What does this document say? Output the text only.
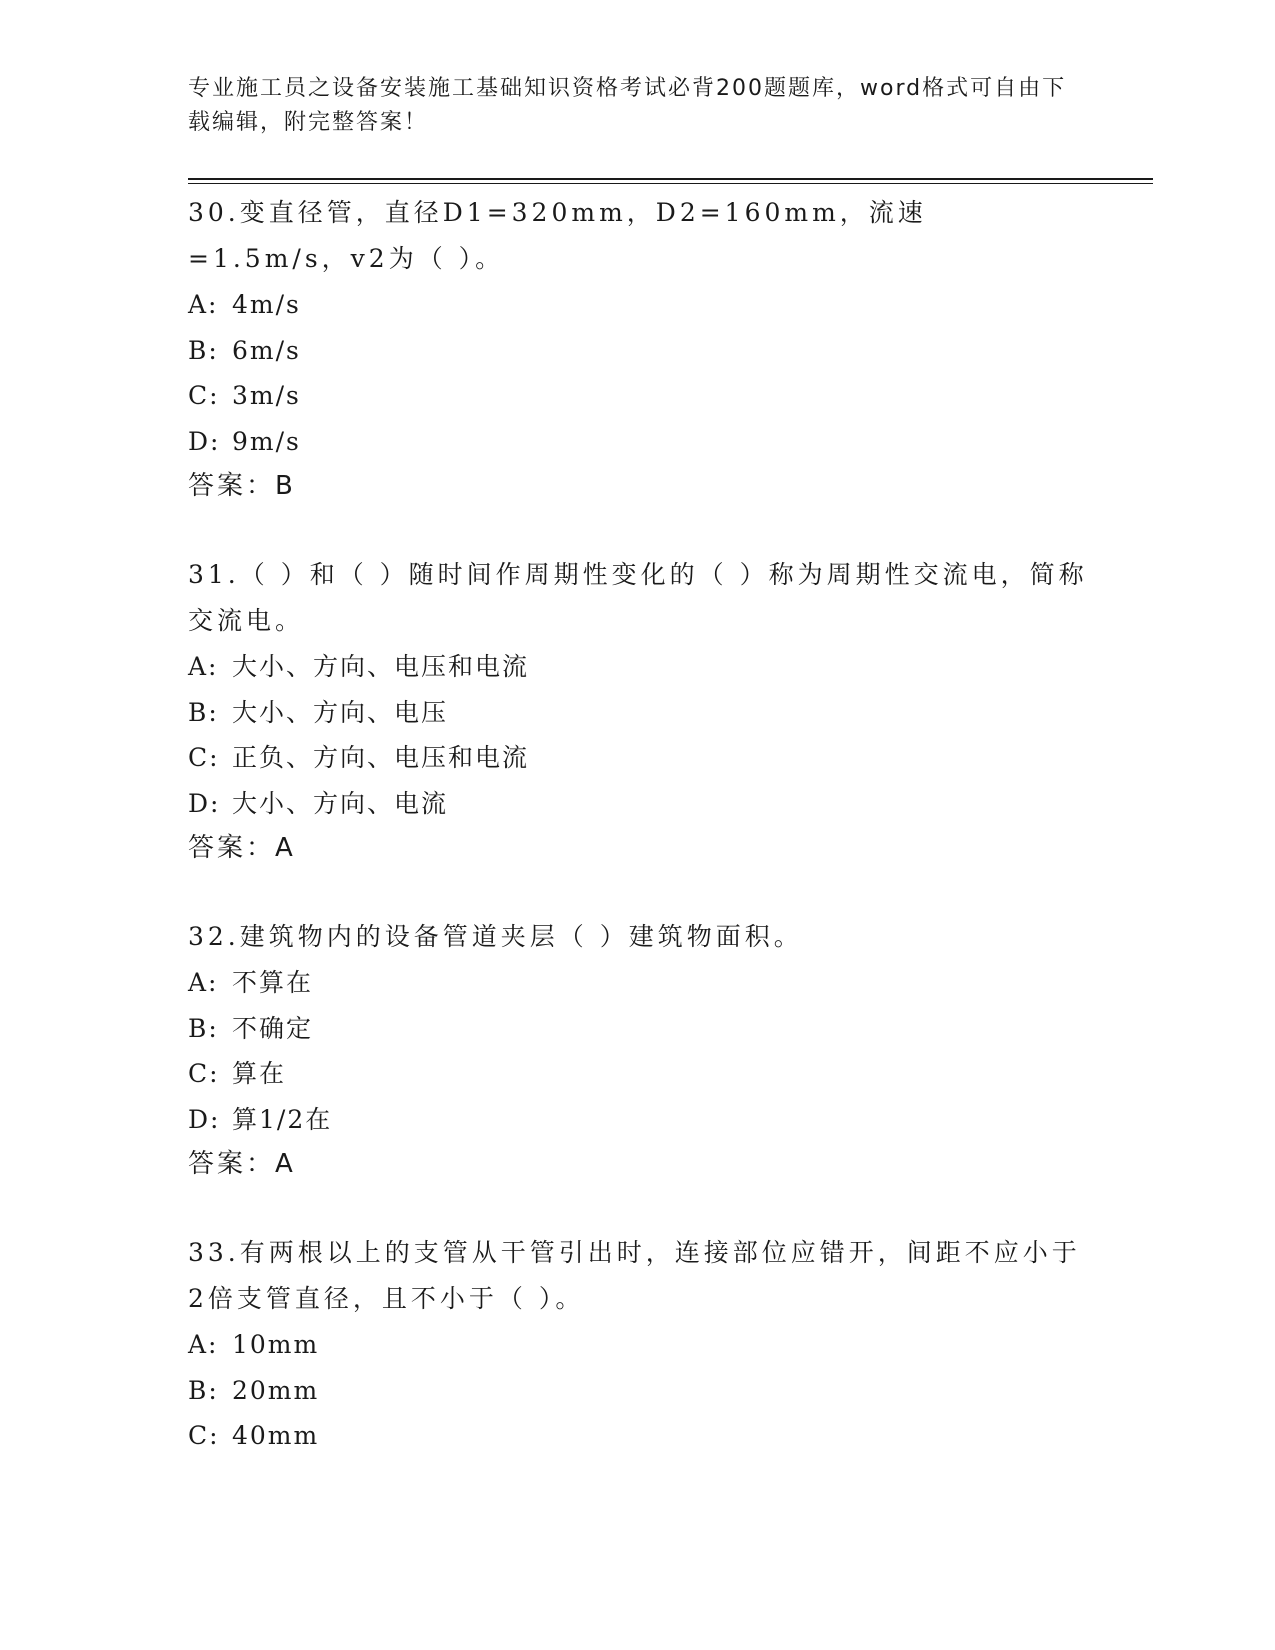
专业施工员之设备安装施工基础知识资格考试必背200题题库，word格式可自由下载编辑，附完整答案！

30.变直径管，直径D1=320mm，D2=160mm，流速=1.5m/s，v2为（ ）。

A: 4m/s

B: 6m/s

C: 3m/s

D: 9m/s

答案：B

31.（ ）和（ ）随时间作周期性变化的（ ）称为周期性交流电，简称交流电。

A: 大小、方向、电压和电流

B: 大小、方向、电压

C: 正负、方向、电压和电流

D: 大小、方向、电流

答案：A

32.建筑物内的设备管道夹层（ ）建筑物面积。

A: 不算在

B: 不确定

C: 算在

D: 算1/2在

答案：A

33.有两根以上的支管从干管引出时，连接部位应错开，间距不应小于2倍支管直径，且不小于（ ）。

A: 10mm

B: 20mm

C: 40mm
